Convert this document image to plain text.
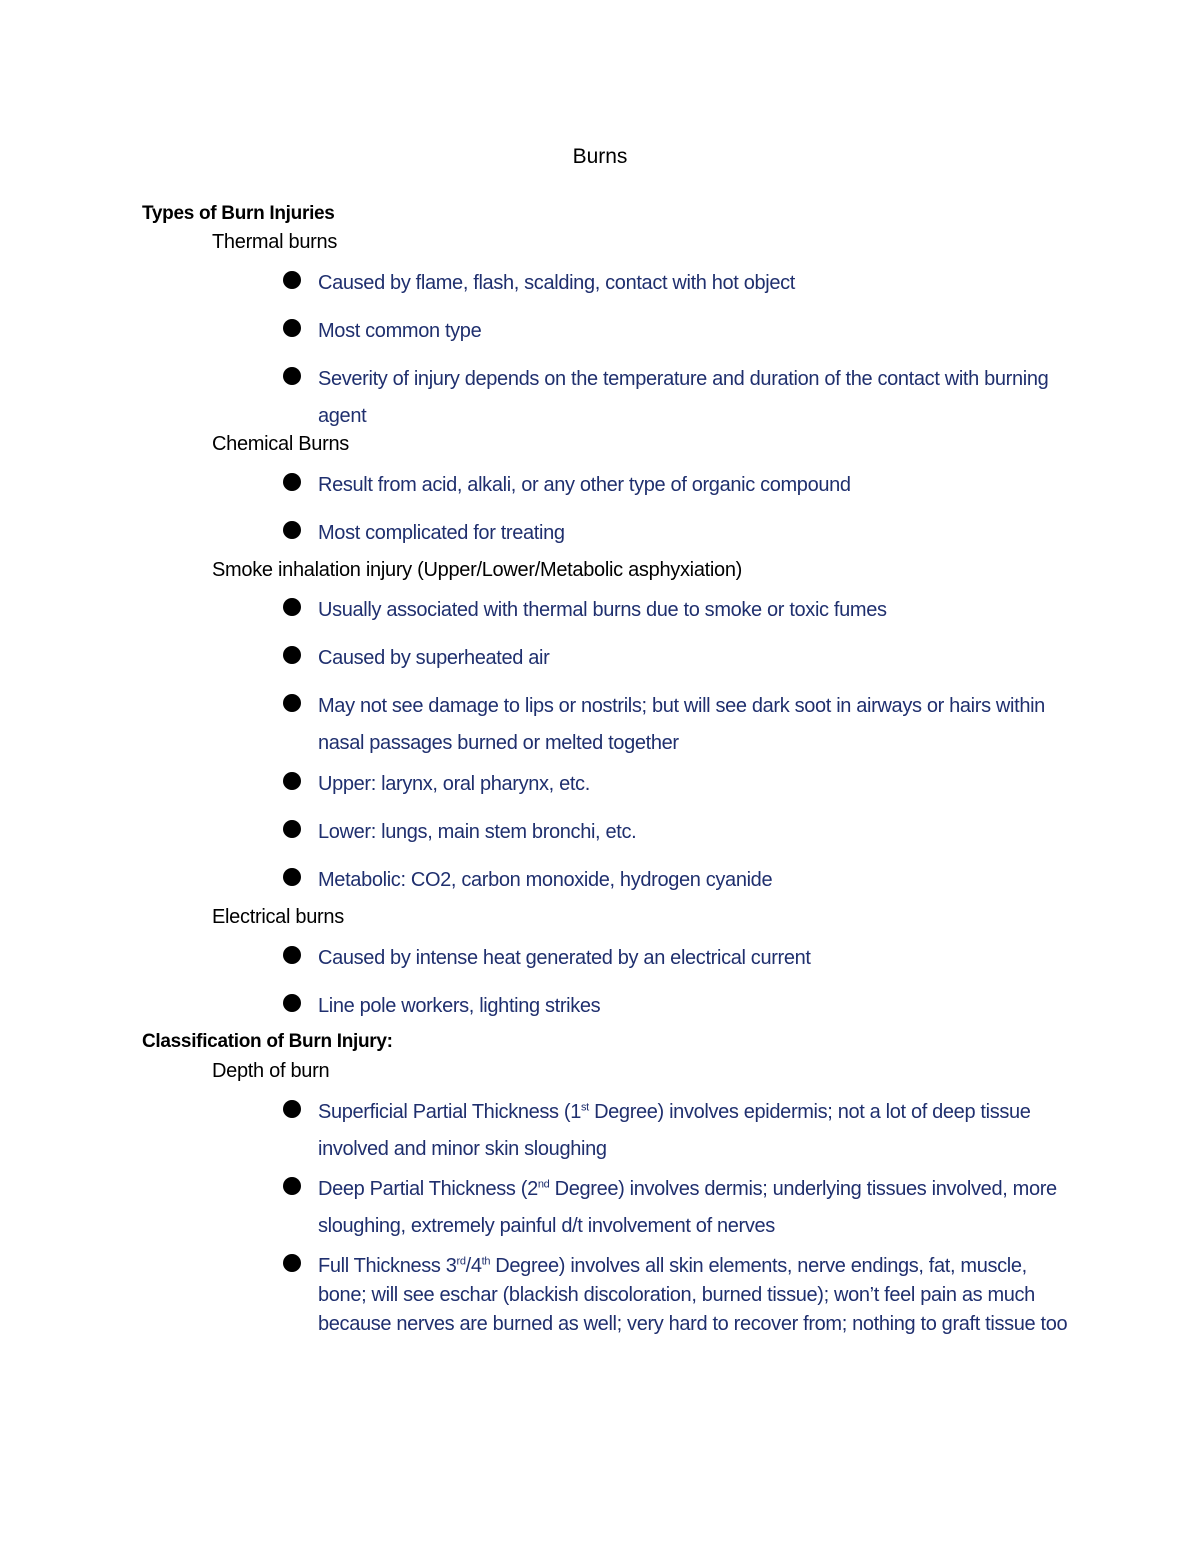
Burns
Types of Burn Injuries
Thermal burns
Caused by flame, flash, scalding, contact with hot object
Most common type
Severity of injury depends on the temperature and duration of the contact with burning agent
Chemical Burns
Result from acid, alkali, or any other type of organic compound
Most complicated for treating
Smoke inhalation injury (Upper/Lower/Metabolic asphyxiation)
Usually associated with thermal burns due to smoke or toxic fumes
Caused by superheated air
May not see damage to lips or nostrils; but will see dark soot in airways or hairs within nasal passages burned or melted together
Upper: larynx, oral pharynx, etc.
Lower: lungs, main stem bronchi, etc.
Metabolic: CO2, carbon monoxide, hydrogen cyanide
Electrical burns
Caused by intense heat generated by an electrical current
Line pole workers, lighting strikes
Classification of Burn Injury:
Depth of burn
Superficial Partial Thickness (1st Degree) involves epidermis; not a lot of deep tissue involved and minor skin sloughing
Deep Partial Thickness (2nd Degree) involves dermis; underlying tissues involved, more sloughing, extremely painful d/t involvement of nerves
Full Thickness 3rd/4th Degree) involves all skin elements, nerve endings, fat, muscle, bone; will see eschar (blackish discoloration, burned tissue); won’t feel pain as much because nerves are burned as well; very hard to recover from; nothing to graft tissue too
